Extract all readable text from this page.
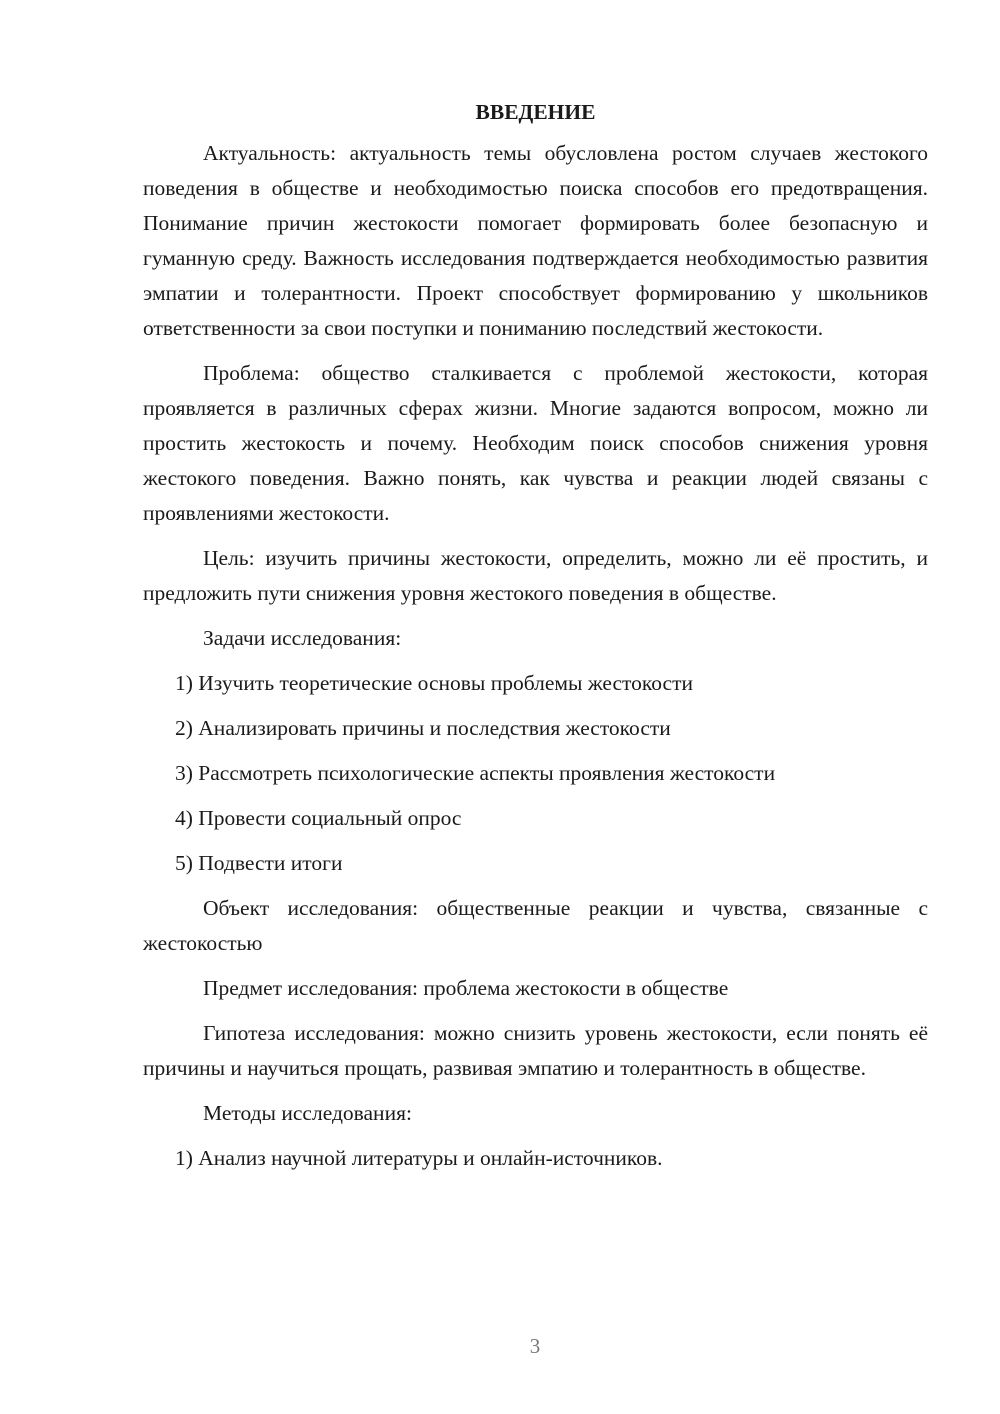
ВВЕДЕНИЕ

Актуальность: актуальность темы обусловлена ростом случаев жестокого поведения в обществе и необходимостью поиска способов его предотвращения. Понимание причин жестокости помогает формировать более безопасную и гуманную среду. Важность исследования подтверждается необходимостью развития эмпатии и толерантности. Проект способствует формированию у школьников ответственности за свои поступки и пониманию последствий жестокости.

Проблема: общество сталкивается с проблемой жестокости, которая проявляется в различных сферах жизни. Многие задаются вопросом, можно ли простить жестокость и почему. Необходим поиск способов снижения уровня жестокого поведения. Важно понять, как чувства и реакции людей связаны с проявлениями жестокости.

Цель: изучить причины жестокости, определить, можно ли её простить, и предложить пути снижения уровня жестокого поведения в обществе.

Задачи исследования:

1) Изучить теоретические основы проблемы жестокости

2) Анализировать причины и последствия жестокости

3) Рассмотреть психологические аспекты проявления жестокости

4) Провести социальный опрос

5) Подвести итоги

Объект исследования: общественные реакции и чувства, связанные с жестокостью

Предмет исследования: проблема жестокости в обществе

Гипотеза исследования: можно снизить уровень жестокости, если понять её причины и научиться прощать, развивая эмпатию и толерантность в обществе.

Методы исследования:

1) Анализ научной литературы и онлайн-источников.

3
